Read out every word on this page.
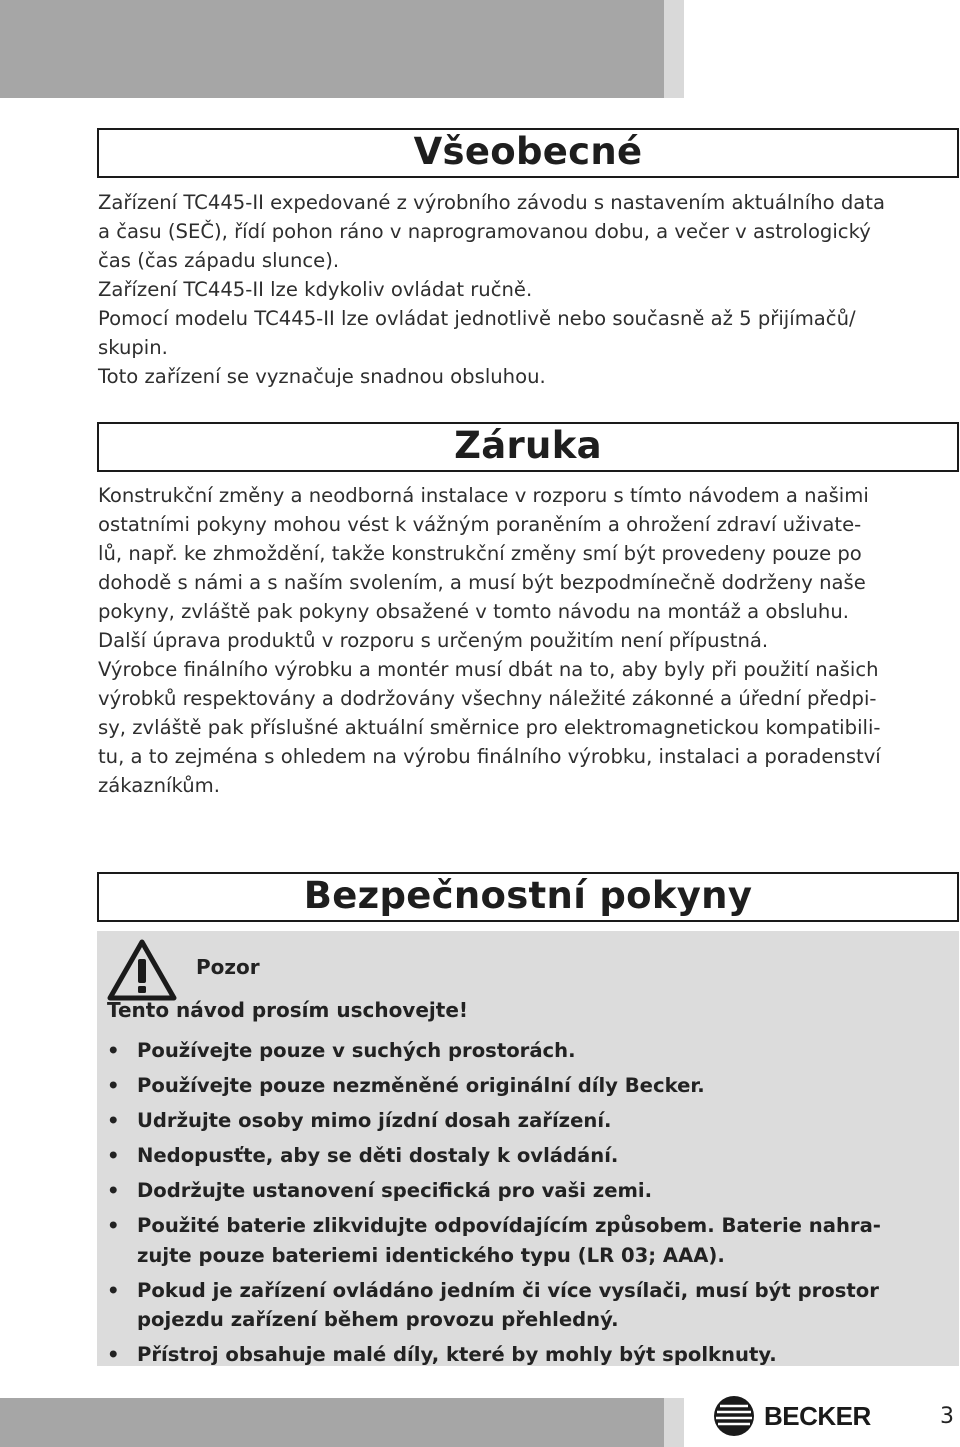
Všeobecné

Zařízení TC445-II expedované z výrobního závodu s nastavením aktuálního data

a času (SEČ), řídí pohon ráno v naprogramovanou dobu, a večer v astrologický

čas (čas západu slunce).

Zařízení TC445-II lze kdykoliv ovládat ručně.

Pomocí modelu TC445-II lze ovládat jednotlivě nebo současně až 5 přijímačů/

skupin.

Toto zařízení se vyznačuje snadnou obsluhou.

Záruka

Konstrukční změny a neodborná instalace v rozporu s tímto návodem a našimi

ostatními pokyny mohou vést k vážným poraněním a ohrožení zdraví uživate-

lů, např. ke zhmoždění, takže konstrukční změny smí být provedeny pouze po

dohodě s námi a s naším svolením, a musí být bezpodmínečně dodrženy naše

pokyny, zvláště pak pokyny obsažené v tomto návodu na montáž a obsluhu.

Další úprava produktů v rozporu s určeným použitím není přípustná.

Výrobce finálního výrobku a montér musí dbát na to, aby byly při použití našich

výrobků respektovány a dodržovány všechny náležité zákonné a úřední předpi-

sy, zvláště pak příslušné aktuální směrnice pro elektromagnetickou kompatibili-

tu, a to zejména s ohledem na výrobu finálního výrobku, instalaci a poradenství

zákazníkům.

Bezpečnostní pokyny
Pozor
Tento návod prosím uschovejte!
• Používejte pouze v suchých prostorách.
• Používejte pouze nezměněné originální díly Becker.
• Udržujte osoby mimo jízdní dosah zařízení.
• Nedopusťte, aby se děti dostaly k ovládání.
• Dodržujte ustanovení specifická pro vaši zemi.
• Použité baterie zlikvidujte odpovídajícím způsobem. Baterie nahra-
zujte pouze bateriemi identického typu (LR 03; AAA).
• Pokud je zařízení ovládáno jedním či více vysílači, musí být prostor
pojezdu zařízení během provozu přehledný.
• Přístroj obsahuje malé díly, které by mohly být spolknuty.
BECKER	3
